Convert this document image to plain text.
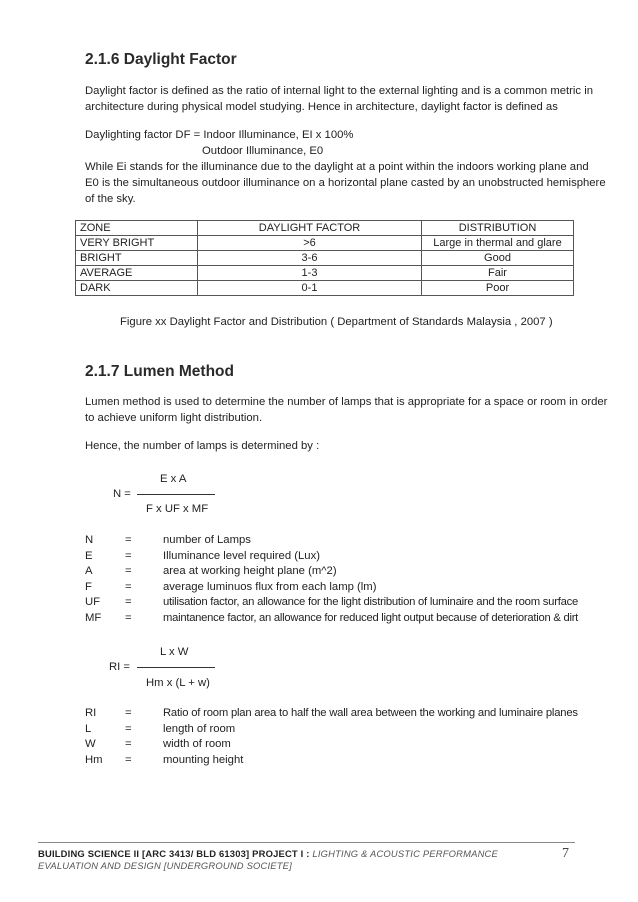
2.1.6 Daylight Factor
Daylight factor is defined as the ratio of internal light to the external lighting and is a common metric in
architecture during physical model studying. Hence in architecture, daylight factor is defined as
Daylighting factor DF = Indoor Illuminance, EI x 100%
Outdoor Illuminance, E0
While Ei stands for the illuminance due to the daylight at a point within the indoors working plane and
E0 is the simultaneous outdoor illuminance on a horizontal plane casted by an unobstructed hemisphere
of the sky.
ZONE	DAYLIGHT FACTOR	DISTRIBUTION
VERY BRIGHT	>6	Large in thermal and glare
BRIGHT	3-6	Good
AVERAGE	1-3	Fair
DARK	0-1	Poor
Figure xx Daylight Factor and Distribution ( Department of Standards Malaysia , 2007 )
2.1.7 Lumen Method
Lumen method is used to determine the number of lamps that is appropriate for a space or room in order
to achieve uniform light distribution.
Hence, the number of lamps is determined by :
E x A
N =
F x UF x MF
N	=	number of Lamps
E	=	Illuminance level required (Lux)
A	=	area at working height plane (m^2)
F	=	average luminuos flux from each lamp (lm)
UF =	utilisation factor, an allowance for the light distribution of luminaire and the room surface
MF =	maintanence factor, an allowance for reduced light output because of deterioration & dirt
L x W
RI =
Hm x (L + w)
RI	=	Ratio of room plan area to half the wall area between the working and luminaire planes
L	=	length of room
W	=	width of room
Hm =	mounting height
BUILDING SCIENCE II [ARC 3413/ BLD 61303] PROJECT I : LIGHTING & ACOUSTIC PERFORMANCE EVALUATION AND DESIGN [UNDERGROUND SOCIETE]
7
